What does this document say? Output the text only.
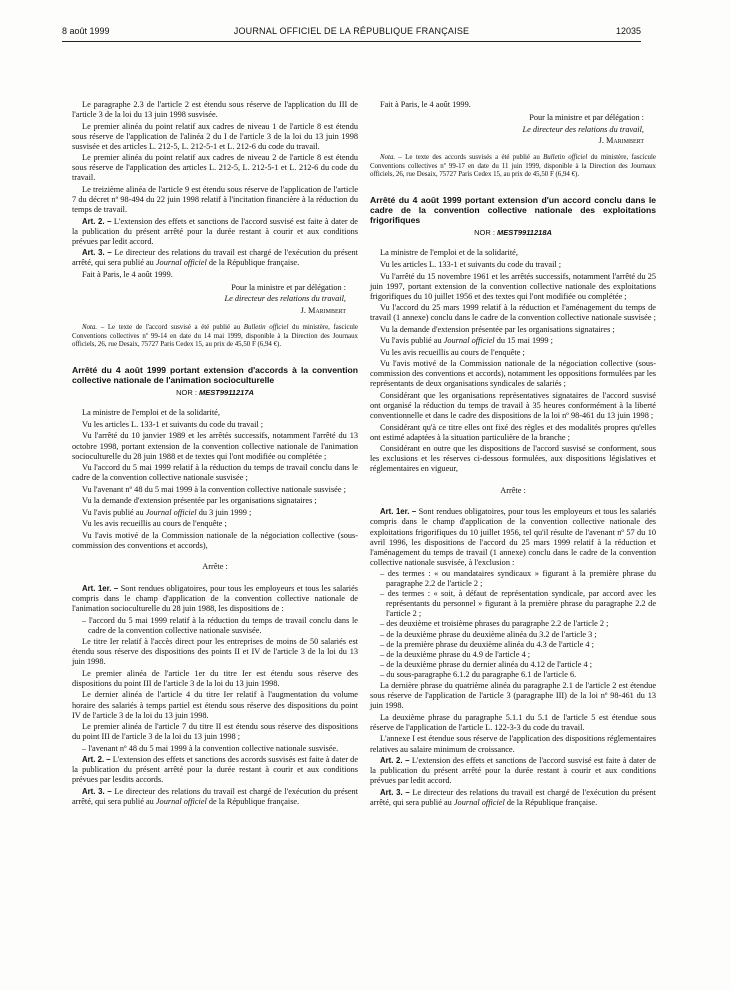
8 août 1999	JOURNAL OFFICIEL DE LA RÉPUBLIQUE FRANÇAISE	12035

Le paragraphe 2.3 de l'article 2 est étendu sous réserve de l'application du III de l'article 3 de la loi du 13 juin 1998 susvisée.

Le premier alinéa du point relatif aux cadres de niveau 1 de l'article 8 est étendu sous réserve de l'application de l'alinéa 2 du I de l'article 3 de la loi du 13 juin 1998 susvisée et des articles L. 212-5, L. 212-5-1 et L. 212-6 du code du travail.

Le premier alinéa du point relatif aux cadres de niveau 2 de l'article 8 est étendu sous réserve de l'application des articles L. 212-5, L. 212-5-1 et L. 212-6 du code du travail.

Le treizième alinéa de l'article 9 est étendu sous réserve de l'application de l'article 7 du décret nº 98-494 du 22 juin 1998 relatif à l'incitation financière à la réduction du temps de travail.

Art. 2. – L'extension des effets et sanctions de l'accord susvisé est faite à dater de la publication du présent arrêté pour la durée restant à courir et aux conditions prévues par ledit accord.

Art. 3. – Le directeur des relations du travail est chargé de l'exécution du présent arrêté, qui sera publié au Journal officiel de la République française.

Fait à Paris, le 4 août 1999.

Pour la ministre et par délégation :

Le directeur des relations du travail,

J. Marimbert

Nota. – Le texte de l'accord susvisé a été publié au Bulletin officiel du ministère, fascicule Conventions collectives nº 99-14 en date du 14 mai 1999, disponible à la Direction des Journaux officiels, 26, rue Desaix, 75727 Paris Cedex 15, au prix de 45,50 F (6,94 €).

Arrêté du 4 août 1999 portant extension d'accords à la convention collective nationale de l'animation socioculturelle
NOR : MESТ9911217A

La ministre de l'emploi et de la solidarité,

Vu les articles L. 133-1 et suivants du code du travail ;

Vu l'arrêté du 10 janvier 1989 et les arrêtés successifs, notamment l'arrêté du 13 octobre 1998, portant extension de la convention collective nationale de l'animation socioculturelle du 28 juin 1988 et de textes qui l'ont modifiée ou complétée ;

Vu l'accord du 5 mai 1999 relatif à la réduction du temps de travail conclu dans le cadre de la convention collective nationale susvisée ;

Vu l'avenant nº 48 du 5 mai 1999 à la convention collective nationale susvisée ;

Vu la demande d'extension présentée par les organisations signataires ;

Vu l'avis publié au Journal officiel du 3 juin 1999 ;

Vu les avis recueillis au cours de l'enquête ;

Vu l'avis motivé de la Commission nationale de la négociation collective (sous-commission des conventions et accords),

Arrête :

Art. 1er. – Sont rendues obligatoires, pour tous les employeurs et tous les salariés compris dans le champ d'application de la convention collective nationale de l'animation socioculturelle du 28 juin 1988, les dispositions de :

– l'accord du 5 mai 1999 relatif à la réduction du temps de travail conclu dans le cadre de la convention collective nationale susvisée.

Le titre Ier relatif à l'accès direct pour les entreprises de moins de 50 salariés est étendu sous réserve des dispositions des points II et IV de l'article 3 de la loi du 13 juin 1998.

Le premier alinéa de l'article 1er du titre Ier est étendu sous réserve des dispositions du point III de l'article 3 de la loi du 13 juin 1998.

Le dernier alinéa de l'article 4 du titre Ier relatif à l'augmentation du volume horaire des salariés à temps partiel est étendu sous réserve des dispositions du point IV de l'article 3 de la loi du 13 juin 1998.

Le premier alinéa de l'article 7 du titre II est étendu sous réserve des dispositions du point III de l'article 3 de la loi du 13 juin 1998 ;

– l'avenant nº 48 du 5 mai 1999 à la convention collective nationale susvisée.

Art. 2. – L'extension des effets et sanctions des accords susvisés est faite à dater de la publication du présent arrêté pour la durée restant à courir et aux conditions prévues par lesdits accords.

Art. 3. – Le directeur des relations du travail est chargé de l'exécution du présent arrêté, qui sera publié au Journal officiel de la République française.

Fait à Paris, le 4 août 1999.

Pour la ministre et par délégation :

Le directeur des relations du travail,

J. Marimbert

Nota. – Le texte des accords susvisés a été publié au Bulletin officiel du ministère, fascicule Conventions collectives nº 99-17 en date du 11 juin 1999, disponible à la Direction des Journaux officiels, 26, rue Desaix, 75727 Paris Cedex 15, au prix de 45,50 F (6,94 €).

Arrêté du 4 août 1999 portant extension d'un accord conclu dans le cadre de la convention collective nationale des exploitations frigorifiques
NOR : MESТ9911218A

La ministre de l'emploi et de la solidarité,

Vu les articles L. 133-1 et suivants du code du travail ;

Vu l'arrêté du 15 novembre 1961 et les arrêtés successifs, notamment l'arrêté du 25 juin 1997, portant extension de la convention collective nationale des exploitations frigorifiques du 10 juillet 1956 et des textes qui l'ont modifiée ou complétée ;

Vu l'accord du 25 mars 1999 relatif à la réduction et l'aménagement du temps de travail (1 annexe) conclu dans le cadre de la convention collective nationale susvisée ;

Vu la demande d'extension présentée par les organisations signataires ;

Vu l'avis publié au Journal officiel du 15 mai 1999 ;

Vu les avis recueillis au cours de l'enquête ;

Vu l'avis motivé de la Commission nationale de la négociation collective (sous-commission des conventions et accords), notamment les oppositions formulées par les représentants de deux organisations syndicales de salariés ;

Considérant que les organisations représentatives signataires de l'accord susvisé ont organisé la réduction du temps de travail à 35 heures conformément à la liberté conventionnelle et dans le cadre des dispositions de la loi nº 98-461 du 13 juin 1998 ;

Considérant qu'à ce titre elles ont fixé des règles et des modalités propres qu'elles ont estimé adaptées à la situation particulière de la branche ;

Considérant en outre que les dispositions de l'accord susvisé se conforment, sous les exclusions et les réserves ci-dessous formulées, aux dispositions législatives et réglementaires en vigueur,

Arrête :

Art. 1er. – Sont rendues obligatoires, pour tous les employeurs et tous les salariés compris dans le champ d'application de la convention collective nationale des exploitations frigorifiques du 10 juillet 1956, tel qu'il résulte de l'avenant nº 57 du 10 avril 1996, les dispositions de l'accord du 25 mars 1999 relatif à la réduction et l'aménagement du temps de travail (1 annexe) conclu dans le cadre de la convention collective nationale susvisée, à l'exclusion :

– des termes : « ou mandataires syndicaux » figurant à la première phrase du paragraphe 2.2 de l'article 2 ;
– des termes : « soit, à défaut de représentation syndicale, par accord avec les représentants du personnel » figurant à la première phrase du paragraphe 2.2 de l'article 2 ;
– des deuxième et troisième phrases du paragraphe 2.2 de l'article 2 ;
– de la deuxième phrase du deuxième alinéa du 3.2 de l'article 3 ;
– de la première phrase du deuxième alinéa du 4.3 de l'article 4 ;
– de la deuxième phrase du 4.9 de l'article 4 ;
– de la deuxième phrase du dernier alinéa du 4.12 de l'article 4 ;
– du sous-paragraphe 6.1.2 du paragraphe 6.1 de l'article 6.

La dernière phrase du quatrième alinéa du paragraphe 2.1 de l'article 2 est étendue sous réserve de l'application de l'article 3 (paragraphe III) de la loi nº 98-461 du 13 juin 1998.

La deuxième phrase du paragraphe 5.1.1 du 5.1 de l'article 5 est étendue sous réserve de l'application de l'article L. 122-3-3 du code du travail.

L'annexe I est étendue sous réserve de l'application des dispositions réglementaires relatives au salaire minimum de croissance.

Art. 2. – L'extension des effets et sanctions de l'accord susvisé est faite à dater de la publication du présent arrêté pour la durée restant à courir et aux conditions prévues par ledit accord.

Art. 3. – Le directeur des relations du travail est chargé de l'exécution du présent arrêté, qui sera publié au Journal officiel de la République française.
